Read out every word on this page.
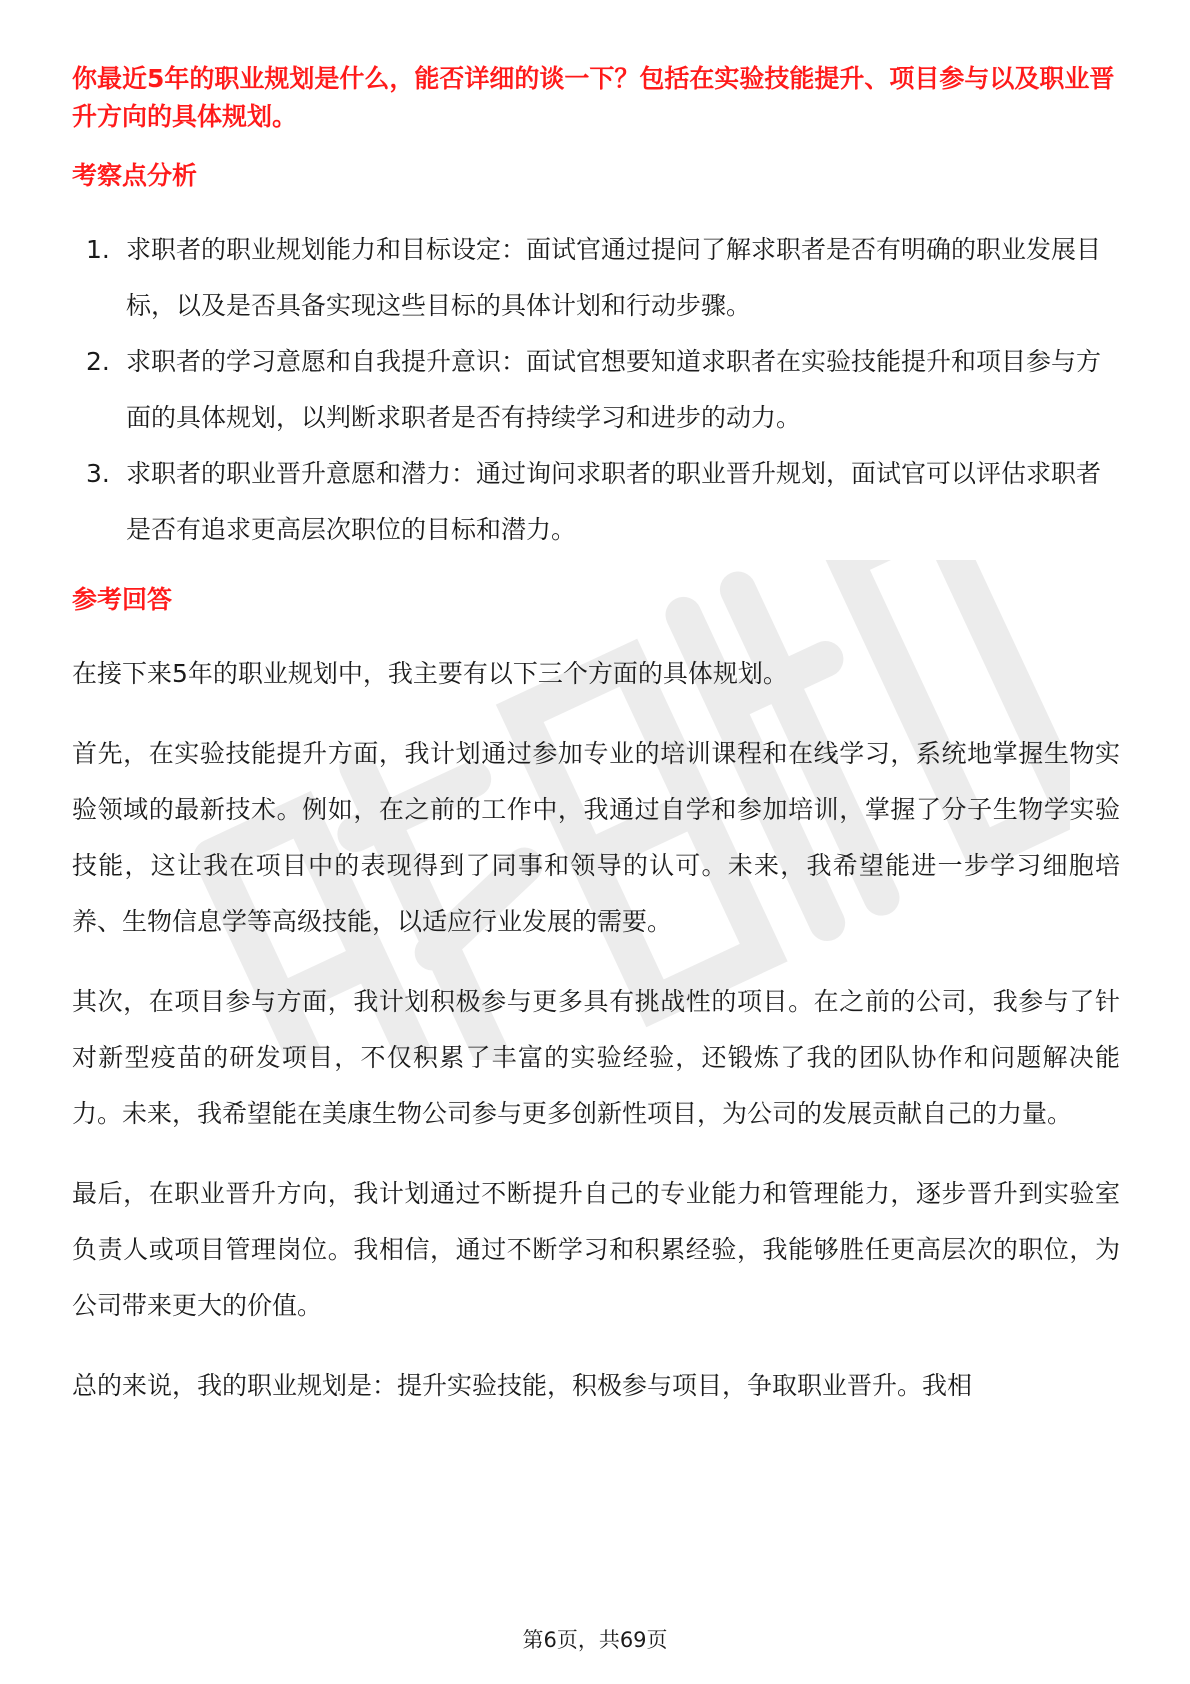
你最近5年的职业规划是什么，能否详细的谈一下？包括在实验技能提升、项目参与以及职业晋升方向的具体规划。
考察点分析
1. 求职者的职业规划能力和目标设定：面试官通过提问了解求职者是否有明确的职业发展目标，以及是否具备实现这些目标的具体计划和行动步骤。
2. 求职者的学习意愿和自我提升意识：面试官想要知道求职者在实验技能提升和项目参与方面的具体规划，以判断求职者是否有持续学习和进步的动力。
3. 求职者的职业晋升意愿和潜力：通过询问求职者的职业晋升规划，面试官可以评估求职者是否有追求更高层次职位的目标和潜力。
参考回答

在接下来5年的职业规划中，我主要有以下三个方面的具体规划。

首先，在实验技能提升方面，我计划通过参加专业的培训课程和在线学习，系统地掌握生物实验领域的最新技术。例如，在之前的工作中，我通过自学和参加培训，掌握了分子生物学实验技能，这让我在项目中的表现得到了同事和领导的认可。未来，我希望能进一步学习细胞培养、生物信息学等高级技能，以适应行业发展的需要。

其次，在项目参与方面，我计划积极参与更多具有挑战性的项目。在之前的公司，我参与了针对新型疫苗的研发项目，不仅积累了丰富的实验经验，还锻炼了我的团队协作和问题解决能力。未来，我希望能在美康生物公司参与更多创新性项目，为公司的发展贡献自己的力量。

最后，在职业晋升方向，我计划通过不断提升自己的专业能力和管理能力，逐步晋升到实验室负责人或项目管理岗位。我相信，通过不断学习和积累经验，我能够胜任更高层次的职位，为公司带来更大的价值。

总的来说，我的职业规划是：提升实验技能，积极参与项目，争取职业晋升。我相

第6页，共69页
